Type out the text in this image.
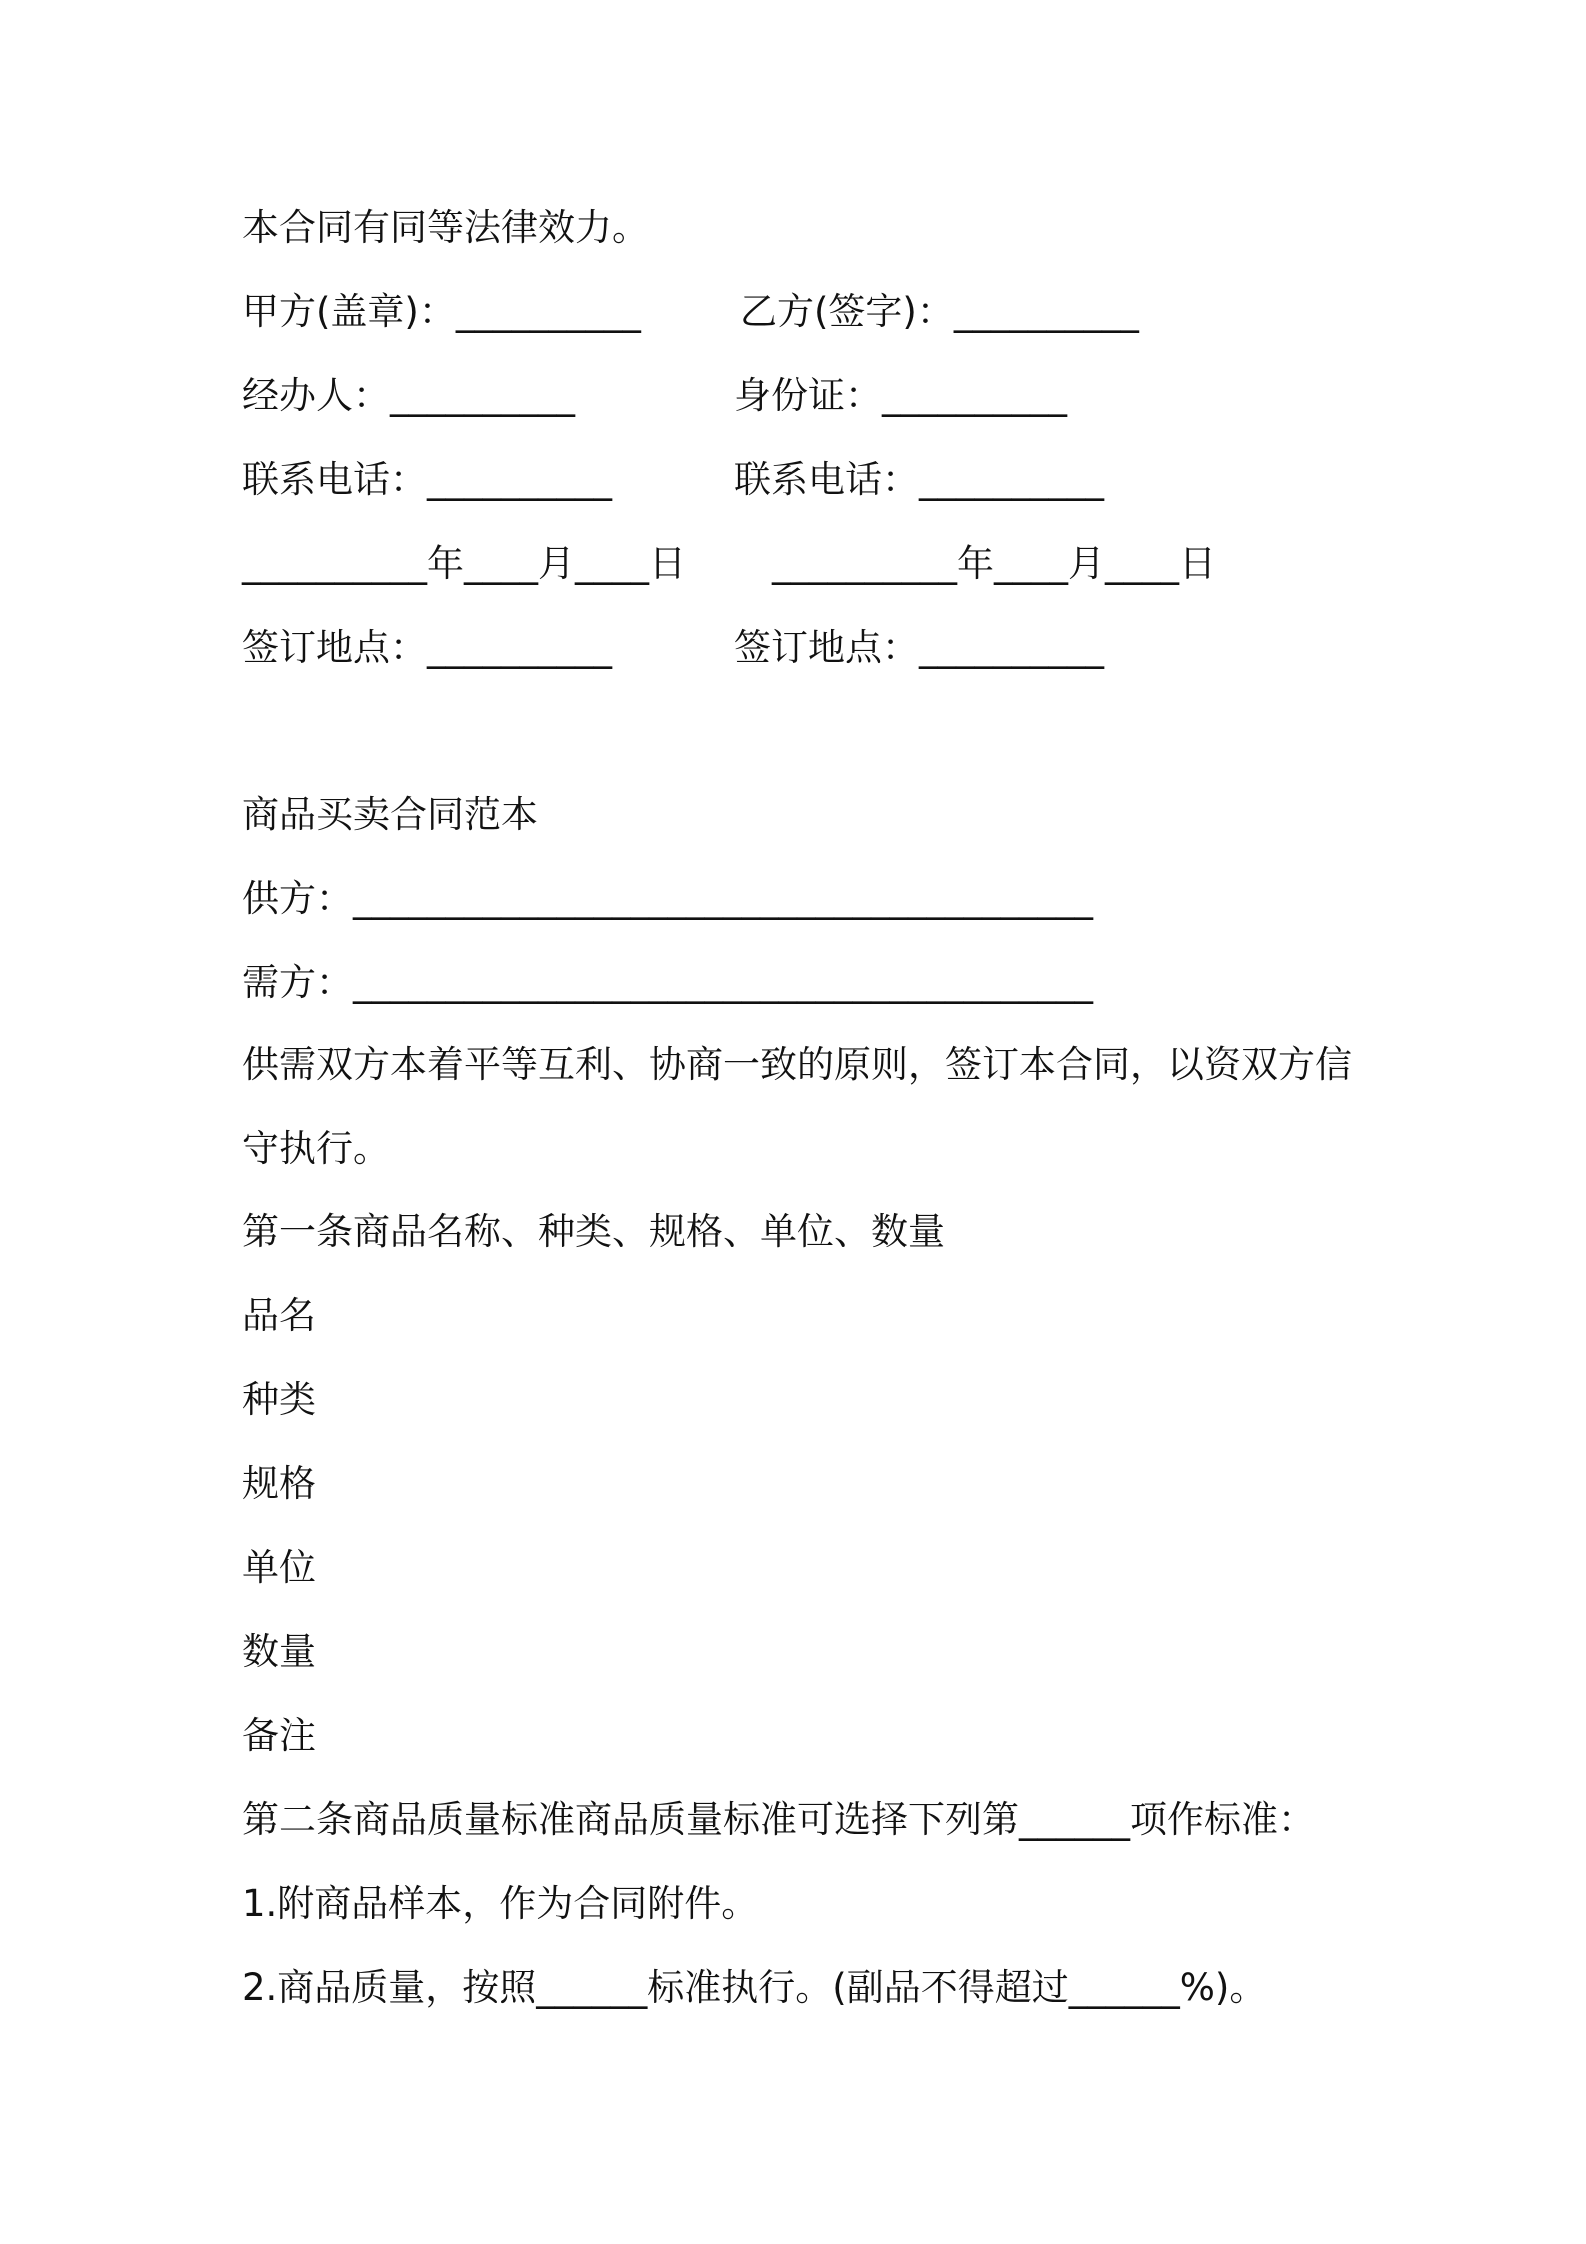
本合同有同等法律效力。
甲方(盖章)：__________	乙方(签字)：__________
经办人：__________	身份证：__________
联系电话：__________	联系电话：__________
__________年____月____日 __________年____月____日
签订地点：__________	签订地点：__________
商品买卖合同范本
供方：________________________________________
需方：________________________________________
供需双方本着平等互利、协商一致的原则，签订本合同，以资双方信
守执行。
第一条商品名称、种类、规格、单位、数量
品名
种类
规格
单位
数量
备注
第二条商品质量标准商品质量标准可选择下列第______项作标准：
1.附商品样本，作为合同附件。
2.商品质量，按照______标准执行。(副品不得超过______%)。
